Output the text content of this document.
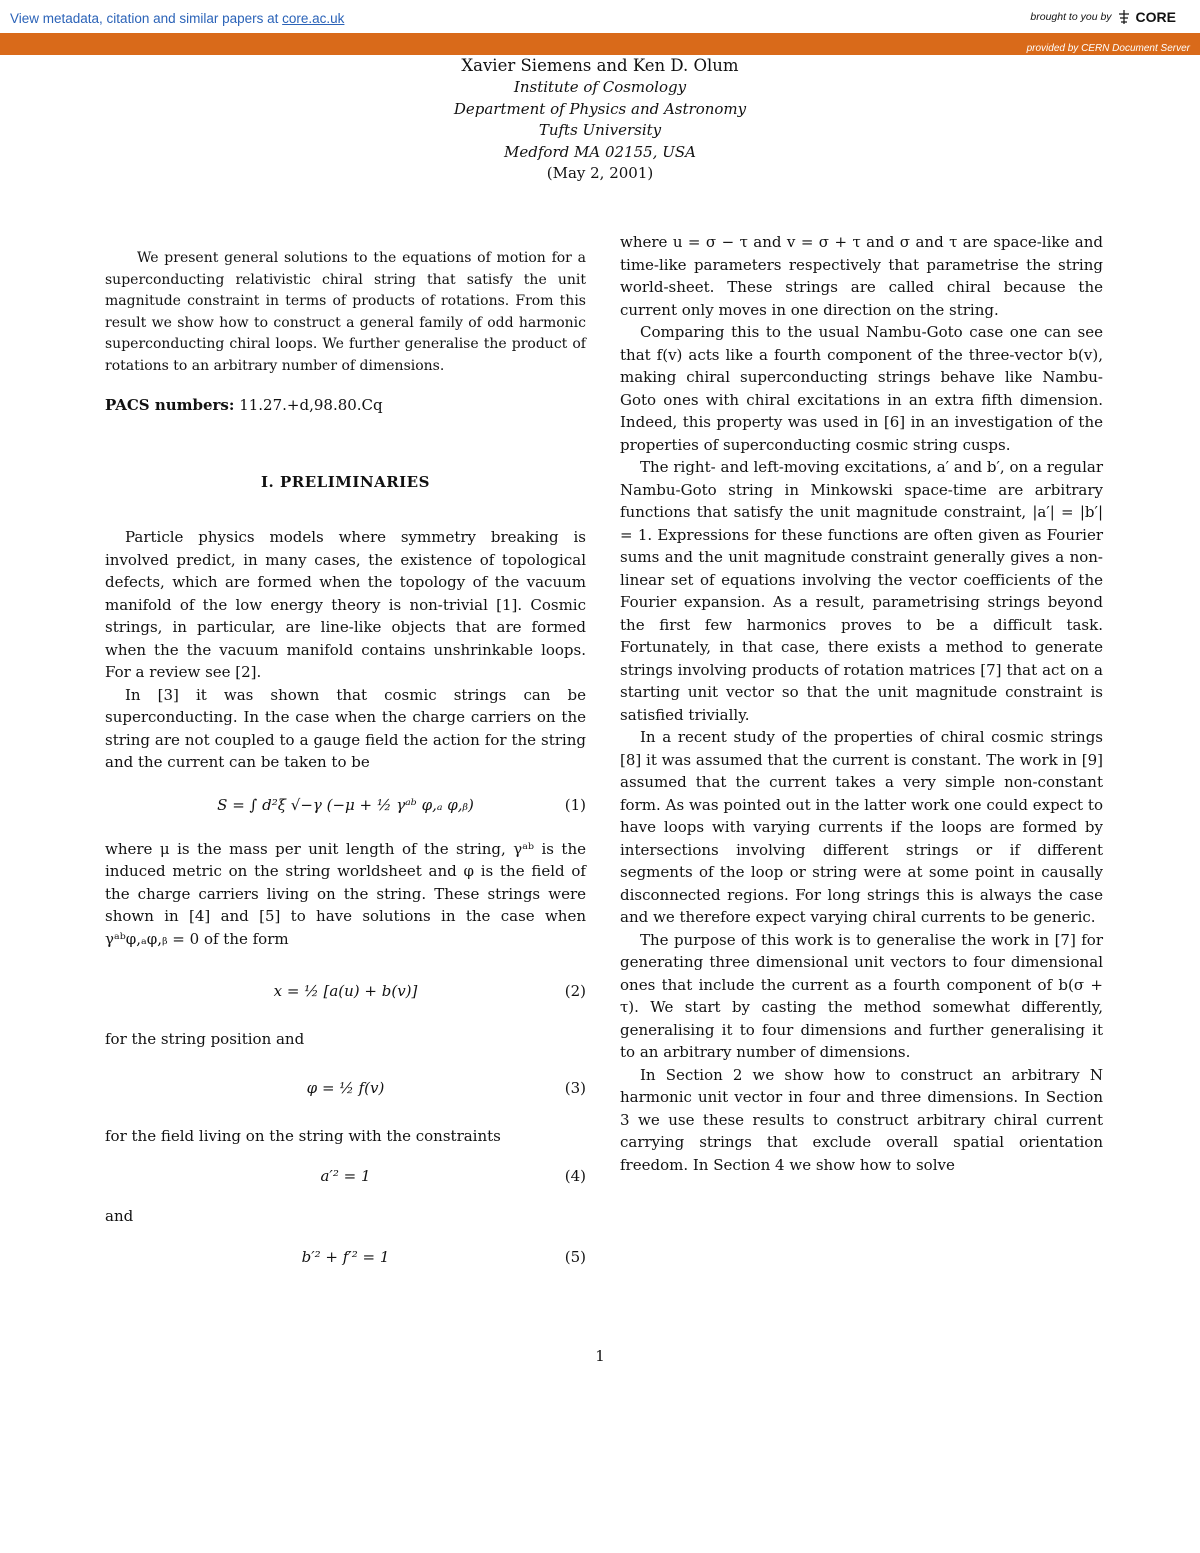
View metadata, citation and similar papers at core.ac.uk	brought to you by CORE
provided by CERN Document Server
Xavier Siemens and Ken D. Olum
Institute of Cosmology
Department of Physics and Astronomy
Tufts University
Medford MA 02155, USA
(May 2, 2001)

We present general solutions to the equations of motion for a superconducting relativistic chiral string that satisfy the unit magnitude constraint in terms of products of rotations. From this result we show how to construct a general family of odd harmonic superconducting chiral loops. We further generalise the product of rotations to an arbitrary number of dimensions.

PACS numbers: 11.27.+d,98.80.Cq
I. PRELIMINARIES

Particle physics models where symmetry breaking is involved predict, in many cases, the existence of topological defects, which are formed when the topology of the vacuum manifold of the low energy theory is non-trivial [1]. Cosmic strings, in particular, are line-like objects that are formed when the the vacuum manifold contains unshrinkable loops. For a review see [2].

In [3] it was shown that cosmic strings can be superconducting. In the case when the charge carriers on the string are not coupled to a gauge field the action for the string and the current can be taken to be

S = ∫ d²ξ √−γ (−μ + ½ γᵃᵇ φ,ₐ φ,ᵦ)	(1)

where μ is the mass per unit length of the string, γᵃᵇ is the induced metric on the string worldsheet and φ is the field of the charge carriers living on the string. These strings were shown in [4] and [5] to have solutions in the case when γᵃᵇφ,ₐφ,ᵦ = 0 of the form

x = ½ [a(u) + b(v)]	(2)

for the string position and

φ = ½ f(v)	(3)

for the field living on the string with the constraints

a′² = 1	(4)

and

b′² + f′² = 1	(5)

where u = σ − τ and v = σ + τ and σ and τ are space-like and time-like parameters respectively that parametrise the string world-sheet. These strings are called chiral because the current only moves in one direction on the string.

Comparing this to the usual Nambu-Goto case one can see that f(v) acts like a fourth component of the three-vector b(v), making chiral superconducting strings behave like Nambu-Goto ones with chiral excitations in an extra fifth dimension. Indeed, this property was used in [6] in an investigation of the properties of superconducting cosmic string cusps.

The right- and left-moving excitations, a′ and b′, on a regular Nambu-Goto string in Minkowski space-time are arbitrary functions that satisfy the unit magnitude constraint, |a′| = |b′| = 1. Expressions for these functions are often given as Fourier sums and the unit magnitude constraint generally gives a non-linear set of equations involving the vector coefficients of the Fourier expansion. As a result, parametrising strings beyond the first few harmonics proves to be a difficult task. Fortunately, in that case, there exists a method to generate strings involving products of rotation matrices [7] that act on a starting unit vector so that the unit magnitude constraint is satisfied trivially.

In a recent study of the properties of chiral cosmic strings [8] it was assumed that the current is constant. The work in [9] assumed that the current takes a very simple non-constant form. As was pointed out in the latter work one could expect to have loops with varying currents if the loops are formed by intersections involving different strings or if different segments of the loop or string were at some point in causally disconnected regions. For long strings this is always the case and we therefore expect varying chiral currents to be generic.

The purpose of this work is to generalise the work in [7] for generating three dimensional unit vectors to four dimensional ones that include the current as a fourth component of b(σ + τ). We start by casting the method somewhat differently, generalising it to four dimensions and further generalising it to an arbitrary number of dimensions.

In Section 2 we show how to construct an arbitrary N harmonic unit vector in four and three dimensions. In Section 3 we use these results to construct arbitrary chiral current carrying strings that exclude overall spatial orientation freedom. In Section 4 we show how to solve

1
